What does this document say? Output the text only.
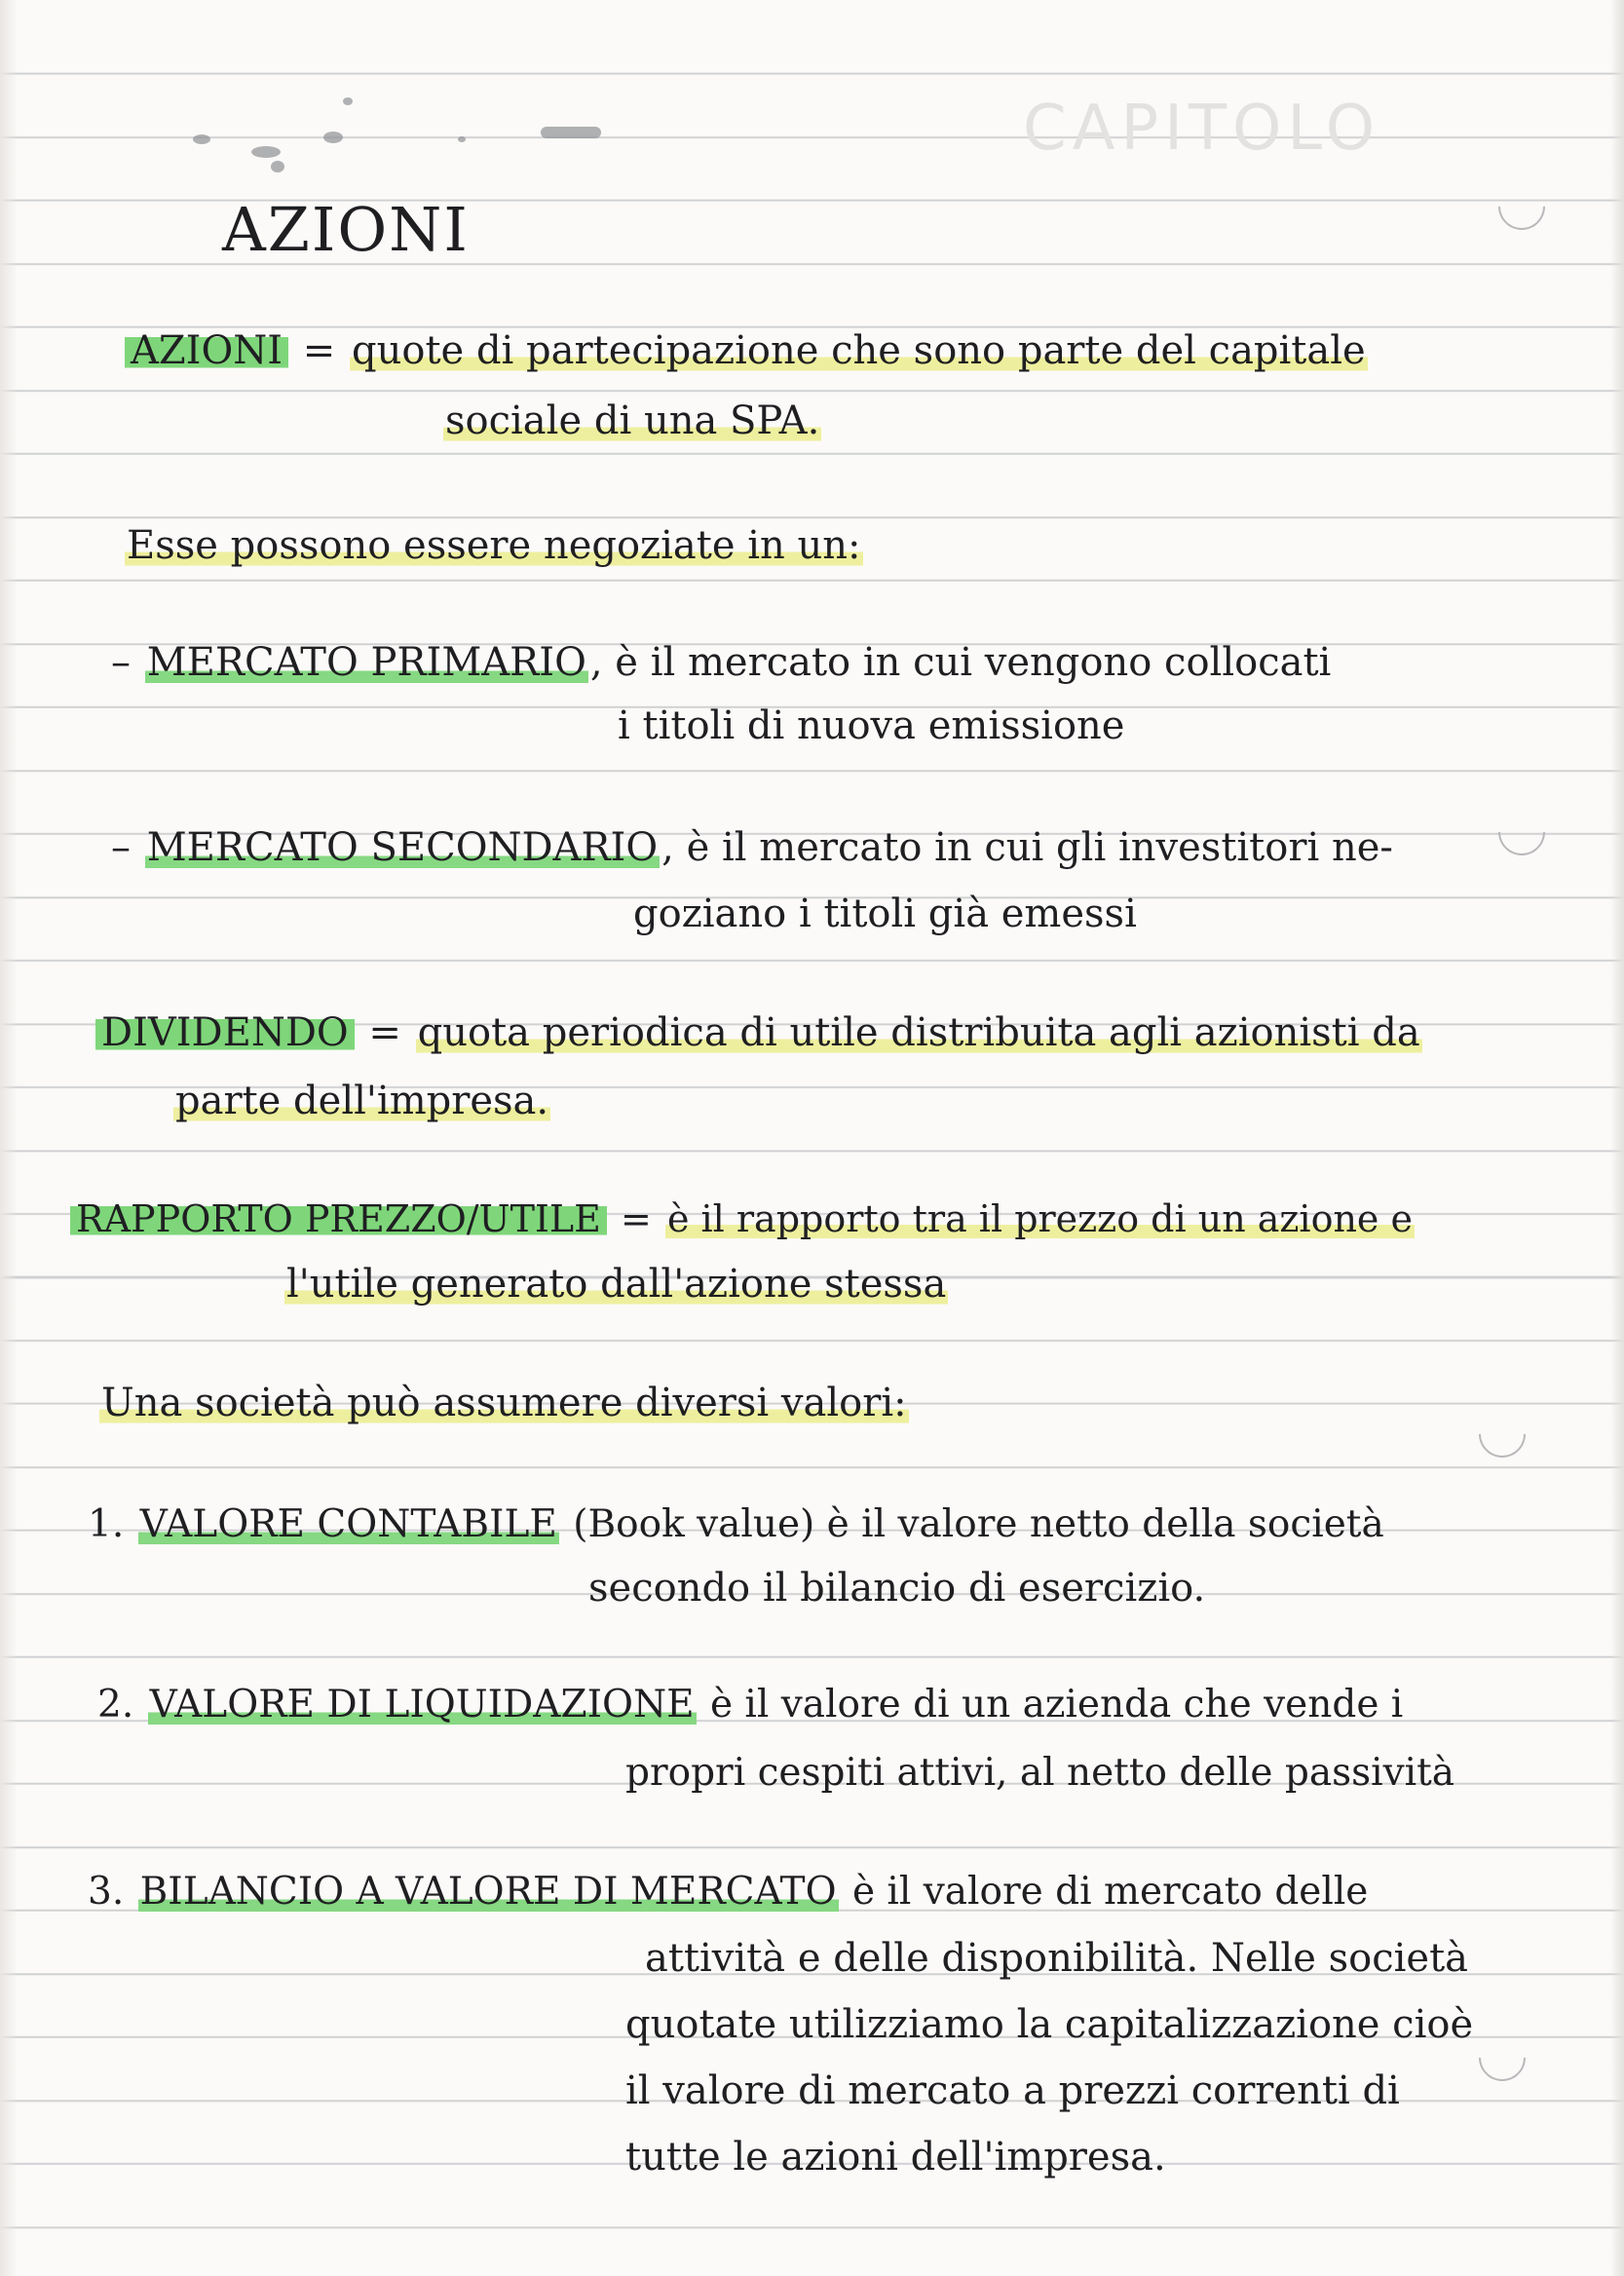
CAPITOLO
AZIONI
AZIONI = quote di partecipazione che sono parte del capitale
sociale di una SPA.
Esse possono essere negoziate in un:
– MERCATO PRIMARIO , è il mercato in cui vengono collocati
i titoli di nuova emissione
– MERCATO SECONDARIO , è il mercato in cui gli investitori ne-
goziano i titoli già emessi
DIVIDENDO = quota periodica di utile distribuita agli azionisti da
parte dell'impresa.
RAPPORTO PREZZO/UTILE = è il rapporto tra il prezzo di un azione e
l'utile generato dall'azione stessa
Una società può assumere diversi valori:
1. VALORE CONTABILE (Book value) è il valore netto della società
secondo il bilancio di esercizio.
2. VALORE DI LIQUIDAZIONE è il valore di un azienda che vende i
propri cespiti attivi, al netto delle passività
3. BILANCIO A VALORE DI MERCATO è il valore di mercato delle
attività e delle disponibilità. Nelle società
quotate utilizziamo la capitalizzazione cioè
il valore di mercato a prezzi correnti di
tutte le azioni dell'impresa.
